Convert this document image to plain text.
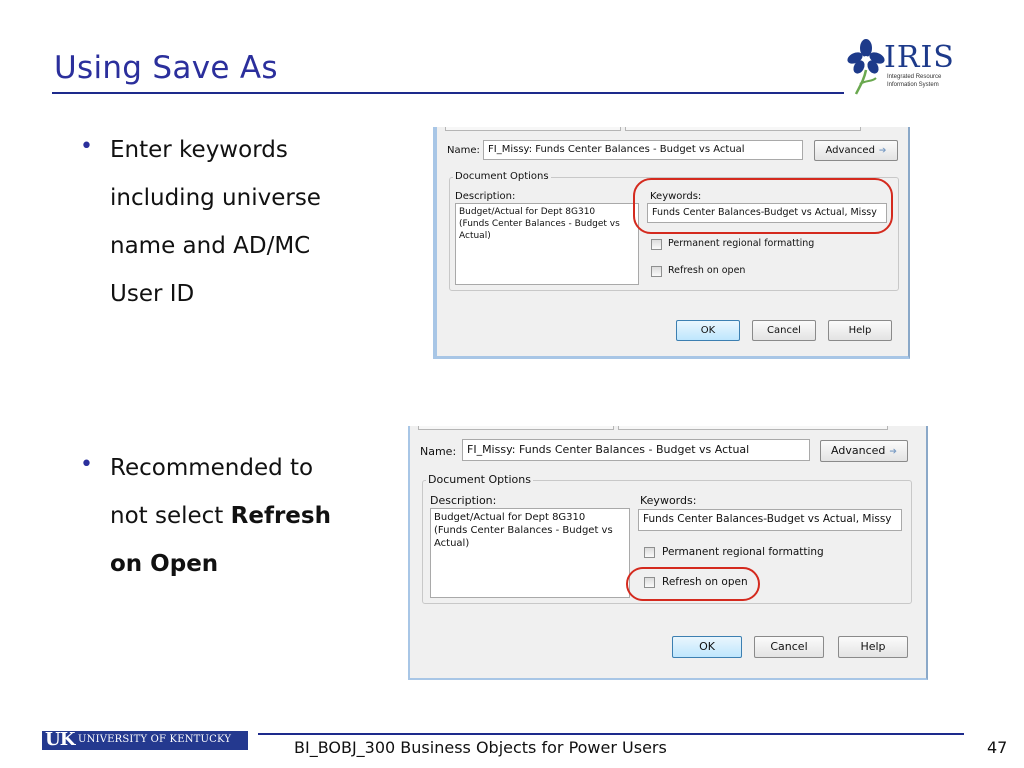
Using Save As	IRIS
Integrated Resource
Information System
• Enter keywords
including universe
name and AD/MC
User ID
• Recommended to
not select Refresh
on Open
Name: FI_Missy: Funds Center Balances - Budget vs Actual	Advanced ➔
Document Options
Description:
Budget/Actual for Dept 8G310
(Funds Center Balances - Budget vs
Actual)
Keywords:
Funds Center Balances-Budget vs Actual, Missy
Permanent regional formatting
Refresh on open
OK	Cancel	Help
Name: FI_Missy: Funds Center Balances - Budget vs Actual	Advanced ➔
Document Options
Description:
Budget/Actual for Dept 8G310
(Funds Center Balances - Budget vs
Actual)
Keywords:
Funds Center Balances-Budget vs Actual, Missy
Permanent regional formatting
Refresh on open
OK	Cancel	Help
UK UNIVERSITY OF KENTUCKY	BI_BOBJ_300 Business Objects for Power Users	47
